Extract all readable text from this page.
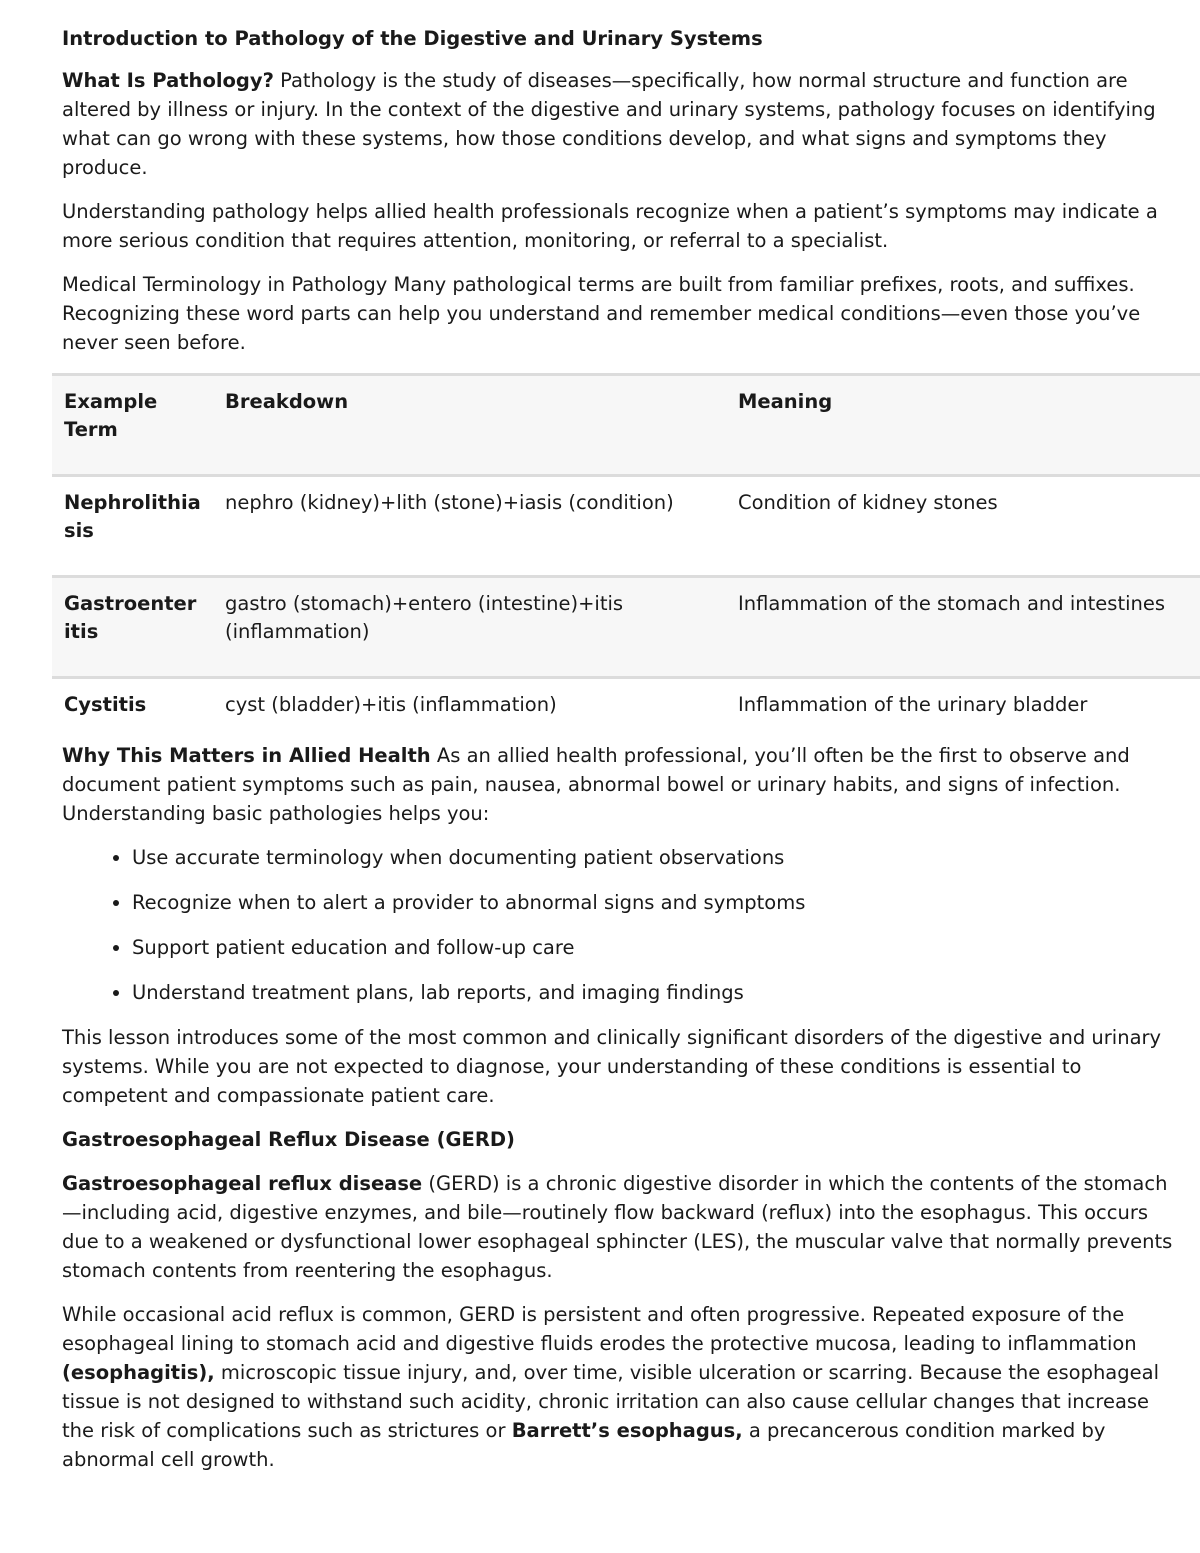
Introduction to Pathology of the Digestive and Urinary Systems

What Is Pathology? Pathology is the study of diseases—specifically, how normal structure and function are altered by illness or injury. In the context of the digestive and urinary systems, pathology focuses on identifying what can go wrong with these systems, how those conditions develop, and what signs and symptoms they produce.

Understanding pathology helps allied health professionals recognize when a patient’s symptoms may indicate a more serious condition that requires attention, monitoring, or referral to a specialist.

Medical Terminology in Pathology Many pathological terms are built from familiar prefixes, roots, and suffixes. Recognizing these word parts can help you understand and remember medical conditions—even those you’ve never seen before.

Example Term	Breakdown	Meaning
Nephrolithiasis	nephro (kidney)+lith (stone)+iasis (condition)	Condition of kidney stones
Gastroenteritis	gastro (stomach)+entero (intestine)+itis (inflammation)	Inflammation of the stomach and intestines
Cystitis	cyst (bladder)+itis (inflammation)	Inflammation of the urinary bladder

Why This Matters in Allied Health As an allied health professional, you’ll often be the first to observe and document patient symptoms such as pain, nausea, abnormal bowel or urinary habits, and signs of infection. Understanding basic pathologies helps you:

• Use accurate terminology when documenting patient observations
• Recognize when to alert a provider to abnormal signs and symptoms
• Support patient education and follow-up care
• Understand treatment plans, lab reports, and imaging findings

This lesson introduces some of the most common and clinically significant disorders of the digestive and urinary systems. While you are not expected to diagnose, your understanding of these conditions is essential to competent and compassionate patient care.

Gastroesophageal Reflux Disease (GERD)

Gastroesophageal reflux disease (GERD) is a chronic digestive disorder in which the contents of the stomach—including acid, digestive enzymes, and bile—routinely flow backward (reflux) into the esophagus. This occurs due to a weakened or dysfunctional lower esophageal sphincter (LES), the muscular valve that normally prevents stomach contents from reentering the esophagus.

While occasional acid reflux is common, GERD is persistent and often progressive. Repeated exposure of the esophageal lining to stomach acid and digestive fluids erodes the protective mucosa, leading to inflammation (esophagitis), microscopic tissue injury, and, over time, visible ulceration or scarring. Because the esophageal tissue is not designed to withstand such acidity, chronic irritation can also cause cellular changes that increase the risk of complications such as strictures or Barrett’s esophagus, a precancerous condition marked by abnormal cell growth.
